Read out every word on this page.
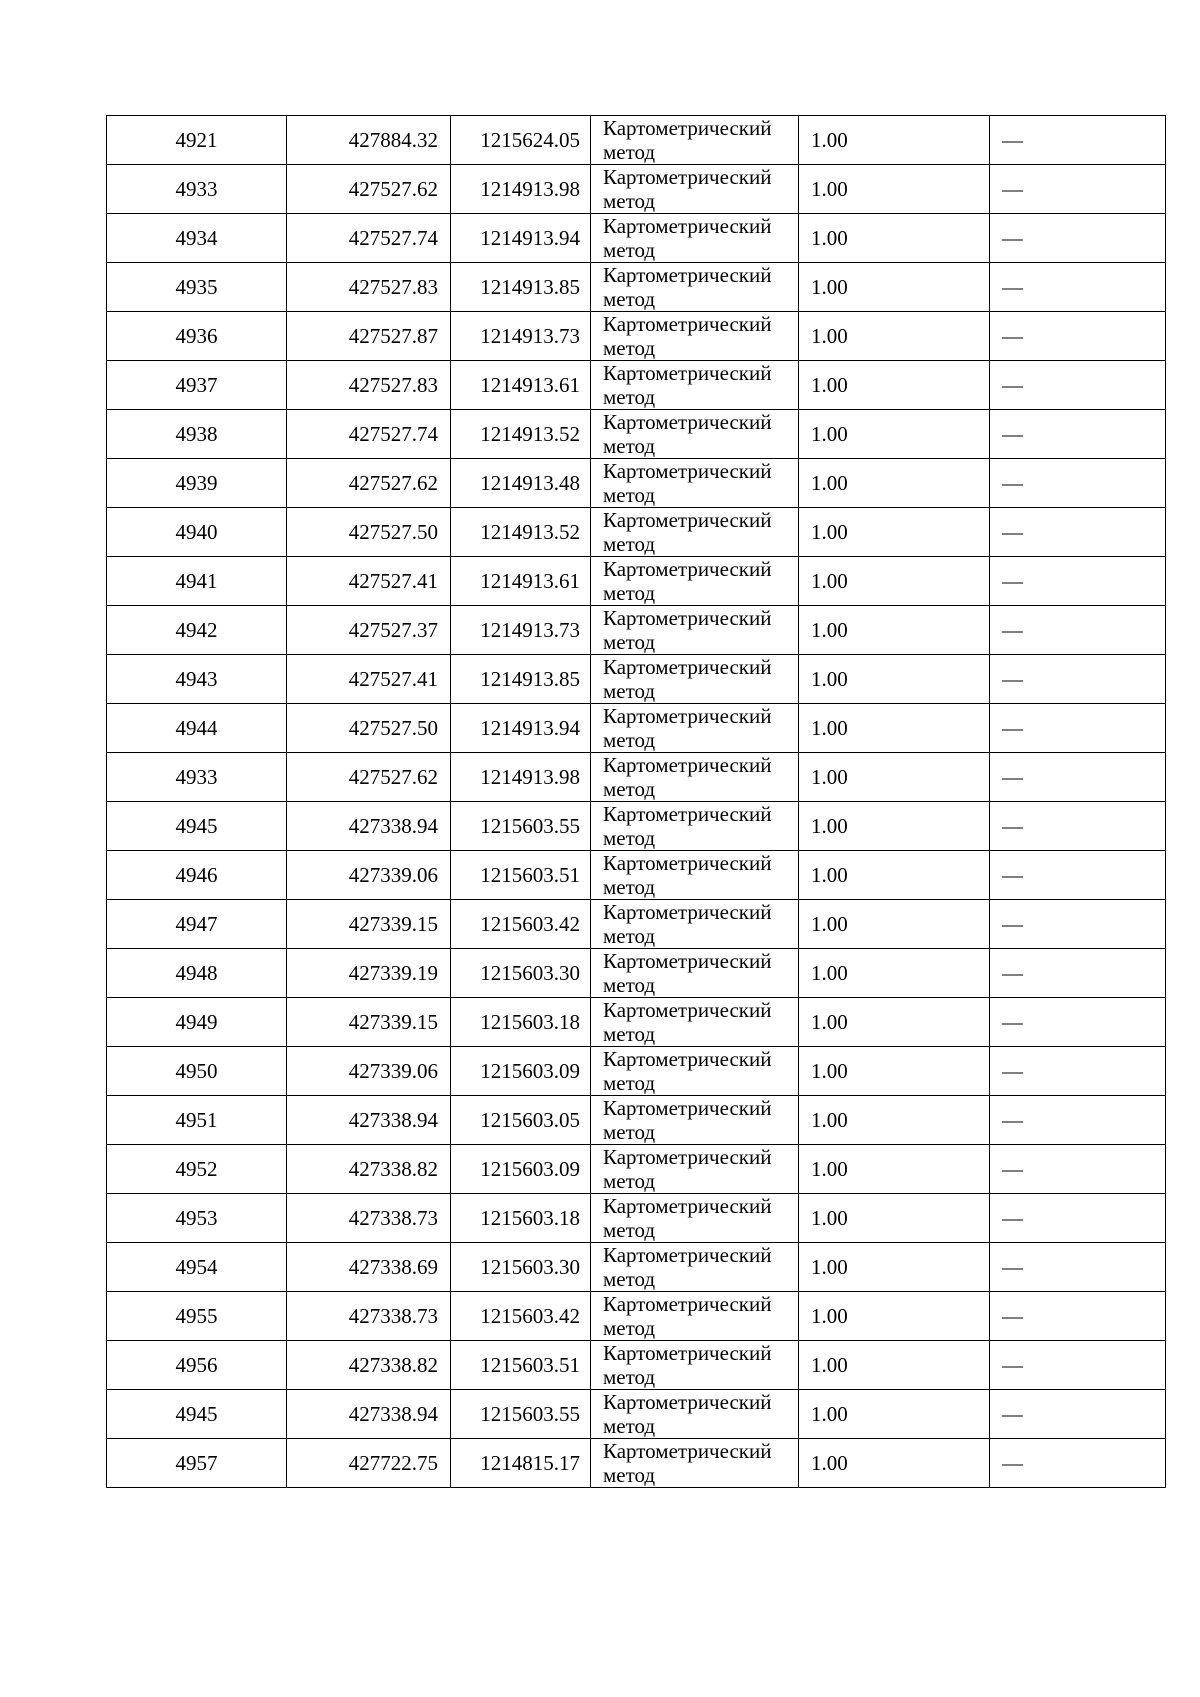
4921	427884.32	1215624.05	Картометрический метод	1.00	—
4933	427527.62	1214913.98	Картометрический метод	1.00	—
4934	427527.74	1214913.94	Картометрический метод	1.00	—
4935	427527.83	1214913.85	Картометрический метод	1.00	—
4936	427527.87	1214913.73	Картометрический метод	1.00	—
4937	427527.83	1214913.61	Картометрический метод	1.00	—
4938	427527.74	1214913.52	Картометрический метод	1.00	—
4939	427527.62	1214913.48	Картометрический метод	1.00	—
4940	427527.50	1214913.52	Картометрический метод	1.00	—
4941	427527.41	1214913.61	Картометрический метод	1.00	—
4942	427527.37	1214913.73	Картометрический метод	1.00	—
4943	427527.41	1214913.85	Картометрический метод	1.00	—
4944	427527.50	1214913.94	Картометрический метод	1.00	—
4933	427527.62	1214913.98	Картометрический метод	1.00	—
4945	427338.94	1215603.55	Картометрический метод	1.00	—
4946	427339.06	1215603.51	Картометрический метод	1.00	—
4947	427339.15	1215603.42	Картометрический метод	1.00	—
4948	427339.19	1215603.30	Картометрический метод	1.00	—
4949	427339.15	1215603.18	Картометрический метод	1.00	—
4950	427339.06	1215603.09	Картометрический метод	1.00	—
4951	427338.94	1215603.05	Картометрический метод	1.00	—
4952	427338.82	1215603.09	Картометрический метод	1.00	—
4953	427338.73	1215603.18	Картометрический метод	1.00	—
4954	427338.69	1215603.30	Картометрический метод	1.00	—
4955	427338.73	1215603.42	Картометрический метод	1.00	—
4956	427338.82	1215603.51	Картометрический метод	1.00	—
4945	427338.94	1215603.55	Картометрический метод	1.00	—
4957	427722.75	1214815.17	Картометрический метод	1.00	—
